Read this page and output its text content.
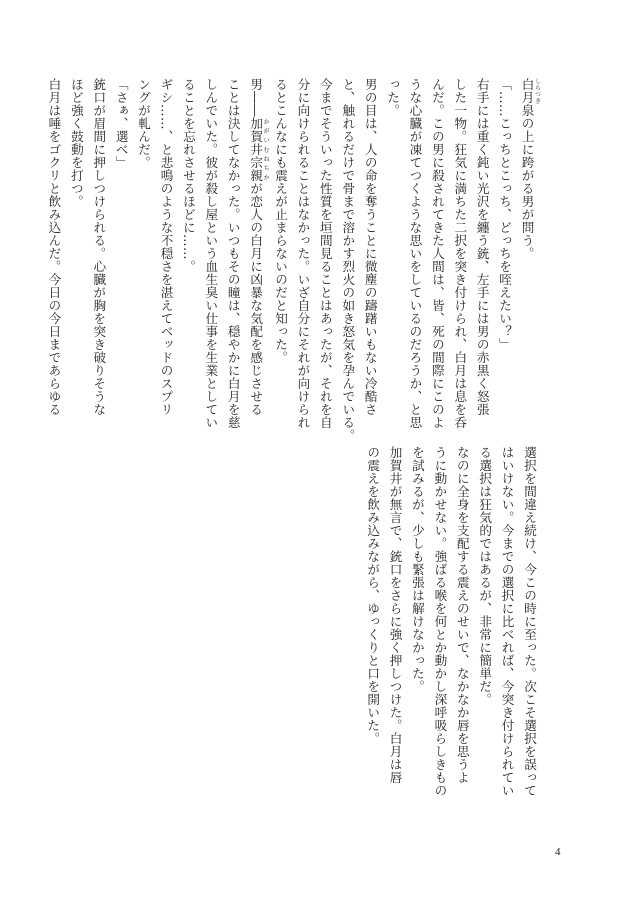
白月 しらつき泉の上に跨がる男が問う。
「……こっちとこっち、どっちを咥えたい？」
右手には重く鈍い光沢を纏う銃、左手には男の赤黒く怒張
した一物。狂気に満ちた二択を突き付けられ、白月は息を呑
んだ。この男に殺されてきた人間は、皆、死の間際にこのよ
うな心臓が凍てつくような思いをしているのだろうか、と思
った。
男の目は、人の命を奪うことに微塵の躊躇いもない冷酷さ
と、触れるだけで骨まで溶かす烈火の如き怒気を孕んでいる。
今までそういった性質を垣間見ることはあったが、それを自
分に向けられることはなかった。いざ自分にそれが向けられ
るとこんなにも震えが止まらないのだと知った。
男――加賀井宗親 かがいむねちかが恋人の白月に凶暴な気配を感じさせる
ことは決してなかった。いつもその瞳は、穏やかに白月を慈
しんでいた。彼が殺し屋という血生臭い仕事を生業としてい
ることを忘れさせるほどに……。
ギシ……、と悲鳴のような不穏さを湛えてベッドのスプリ
ングが軋んだ。
「さぁ、選べ」
銃口が眉間に押しつけられる。心臓が胸を突き破りそうな
ほど強く鼓動を打つ。
白月は唾をゴクリと飲み込んだ。今日の今日まであらゆる
選択を間違え続け、今この時に至った。次こそ選択を誤って
はいけない。今までの選択に比べれば、今突き付けられてい
る選択は狂気的ではあるが、非常に簡単だ。
なのに全身を支配する震えのせいで、なかなか唇を思うよ
うに動かせない。強ばる喉を何とか動かし深呼吸らしきもの
を試みるが、少しも緊張は解けなかった。
加賀井が無言で、銃口をさらに強く押しつけた。白月は唇
の震えを飲み込みながら、ゆっくりと口を開いた。
4
